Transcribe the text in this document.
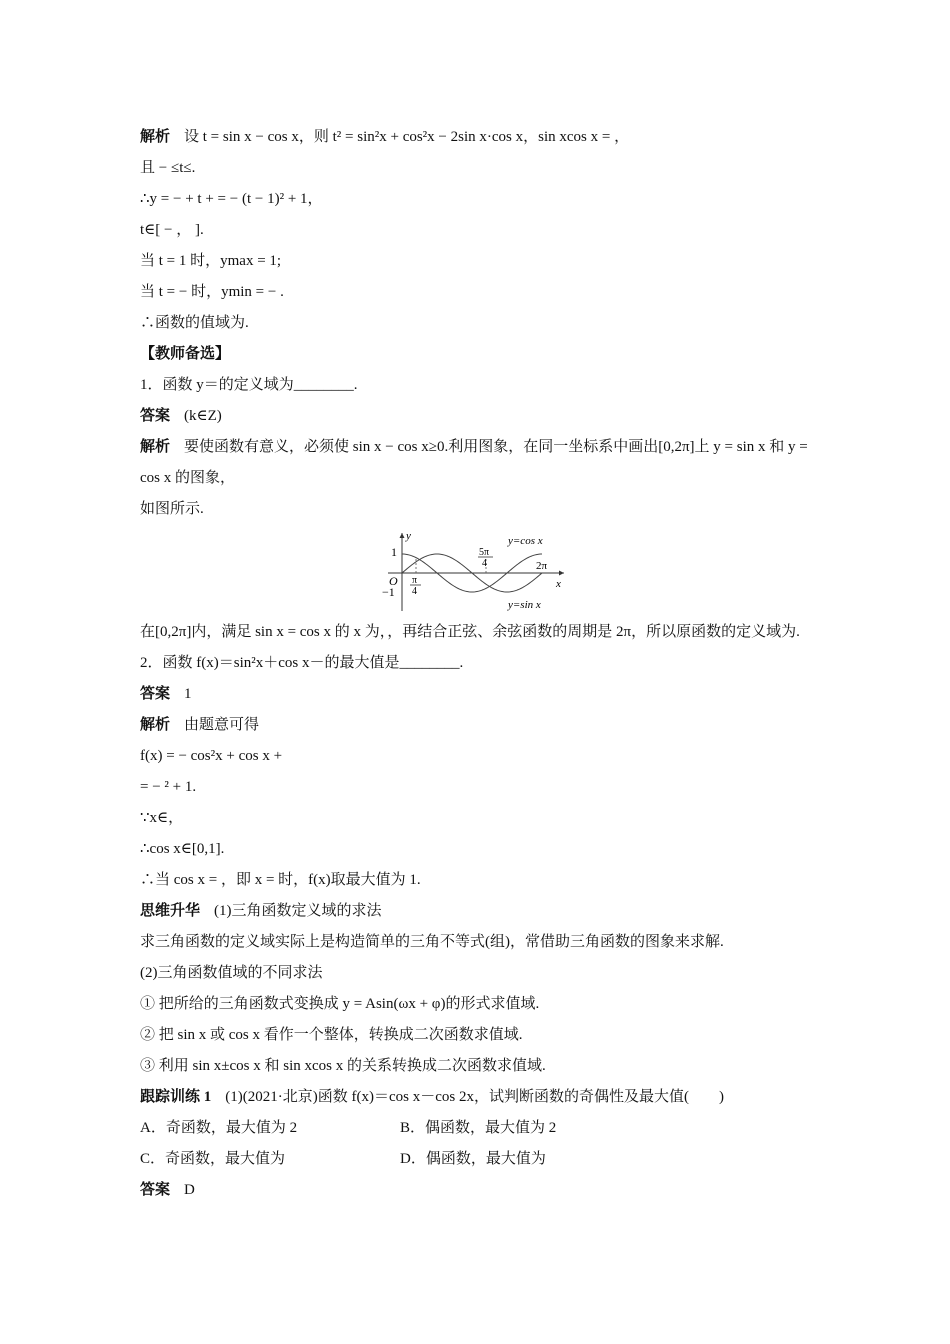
解析 设 t = sin x − cos x，则 t² = sin²x + cos²x − 2sin x·cos x，sin xcos x = ，
且 − ≤t≤.
∴y = − + t + = − (t − 1)² + 1，
t∈[ − ， ].
当 t = 1 时，ymax = 1;
当 t = − 时，ymin = − .
∴函数的值域为.
【教师备选】
1．函数 y＝的定义域为________.
答案 (k∈Z)
解析 要使函数有意义，必须使 sin x − cos x≥0.利用图象，在同一坐标系中画出[0,2π]上 y = sin x 和 y = cos x 的图象，
如图所示.
y
x
1
−1
O π
4
5π
4	2π
y=cos x
y=sin x
在[0,2π]内，满足 sin x = cos x 的 x 为，，再结合正弦、余弦函数的周期是 2π，所以原函数的定义域为.
2．函数 f(x)＝sin²x＋cos x－的最大值是________.
答案 1
解析 由题意可得
f(x) = − cos²x + cos x +
= − ² + 1.
∵x∈，
∴cos x∈[0,1].
∴当 cos x = ，即 x = 时，f(x)取最大值为 1.
思维升华 (1)三角函数定义域的求法
求三角函数的定义域实际上是构造简单的三角不等式(组)，常借助三角函数的图象来求解.
(2)三角函数值域的不同求法
① 把所给的三角函数式变换成 y = Asin(ωx + φ)的形式求值域.
② 把 sin x 或 cos x 看作一个整体，转换成二次函数求值域.
③ 利用 sin x±cos x 和 sin xcos x 的关系转换成二次函数求值域.
跟踪训练 1 (1)(2021·北京)函数 f(x)＝cos x－cos 2x，试判断函数的奇偶性及最大值(　　)
A．奇函数，最大值为 2	B．偶函数，最大值为 2
C．奇函数，最大值为	D．偶函数，最大值为
答案 D
